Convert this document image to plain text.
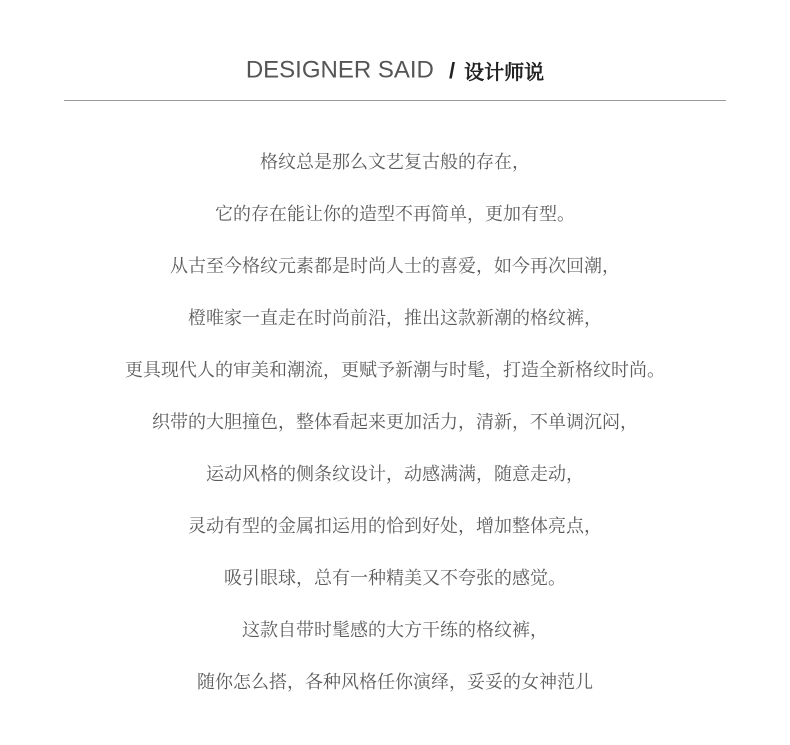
DESIGNER SAID / 设计师说
格纹总是那么文艺复古般的存在，
它的存在能让你的造型不再简单，更加有型。
从古至今格纹元素都是时尚人士的喜爱，如今再次回潮，
橙唯家一直走在时尚前沿，推出这款新潮的格纹裤，
更具现代人的审美和潮流，更赋予新潮与时髦，打造全新格纹时尚。
织带的大胆撞色，整体看起来更加活力，清新，不单调沉闷，
运动风格的侧条纹设计，动感满满，随意走动，
灵动有型的金属扣运用的恰到好处，增加整体亮点，
吸引眼球，总有一种精美又不夸张的感觉。
这款自带时髦感的大方干练的格纹裤，
随你怎么搭，各种风格任你演绎，妥妥的女神范儿
